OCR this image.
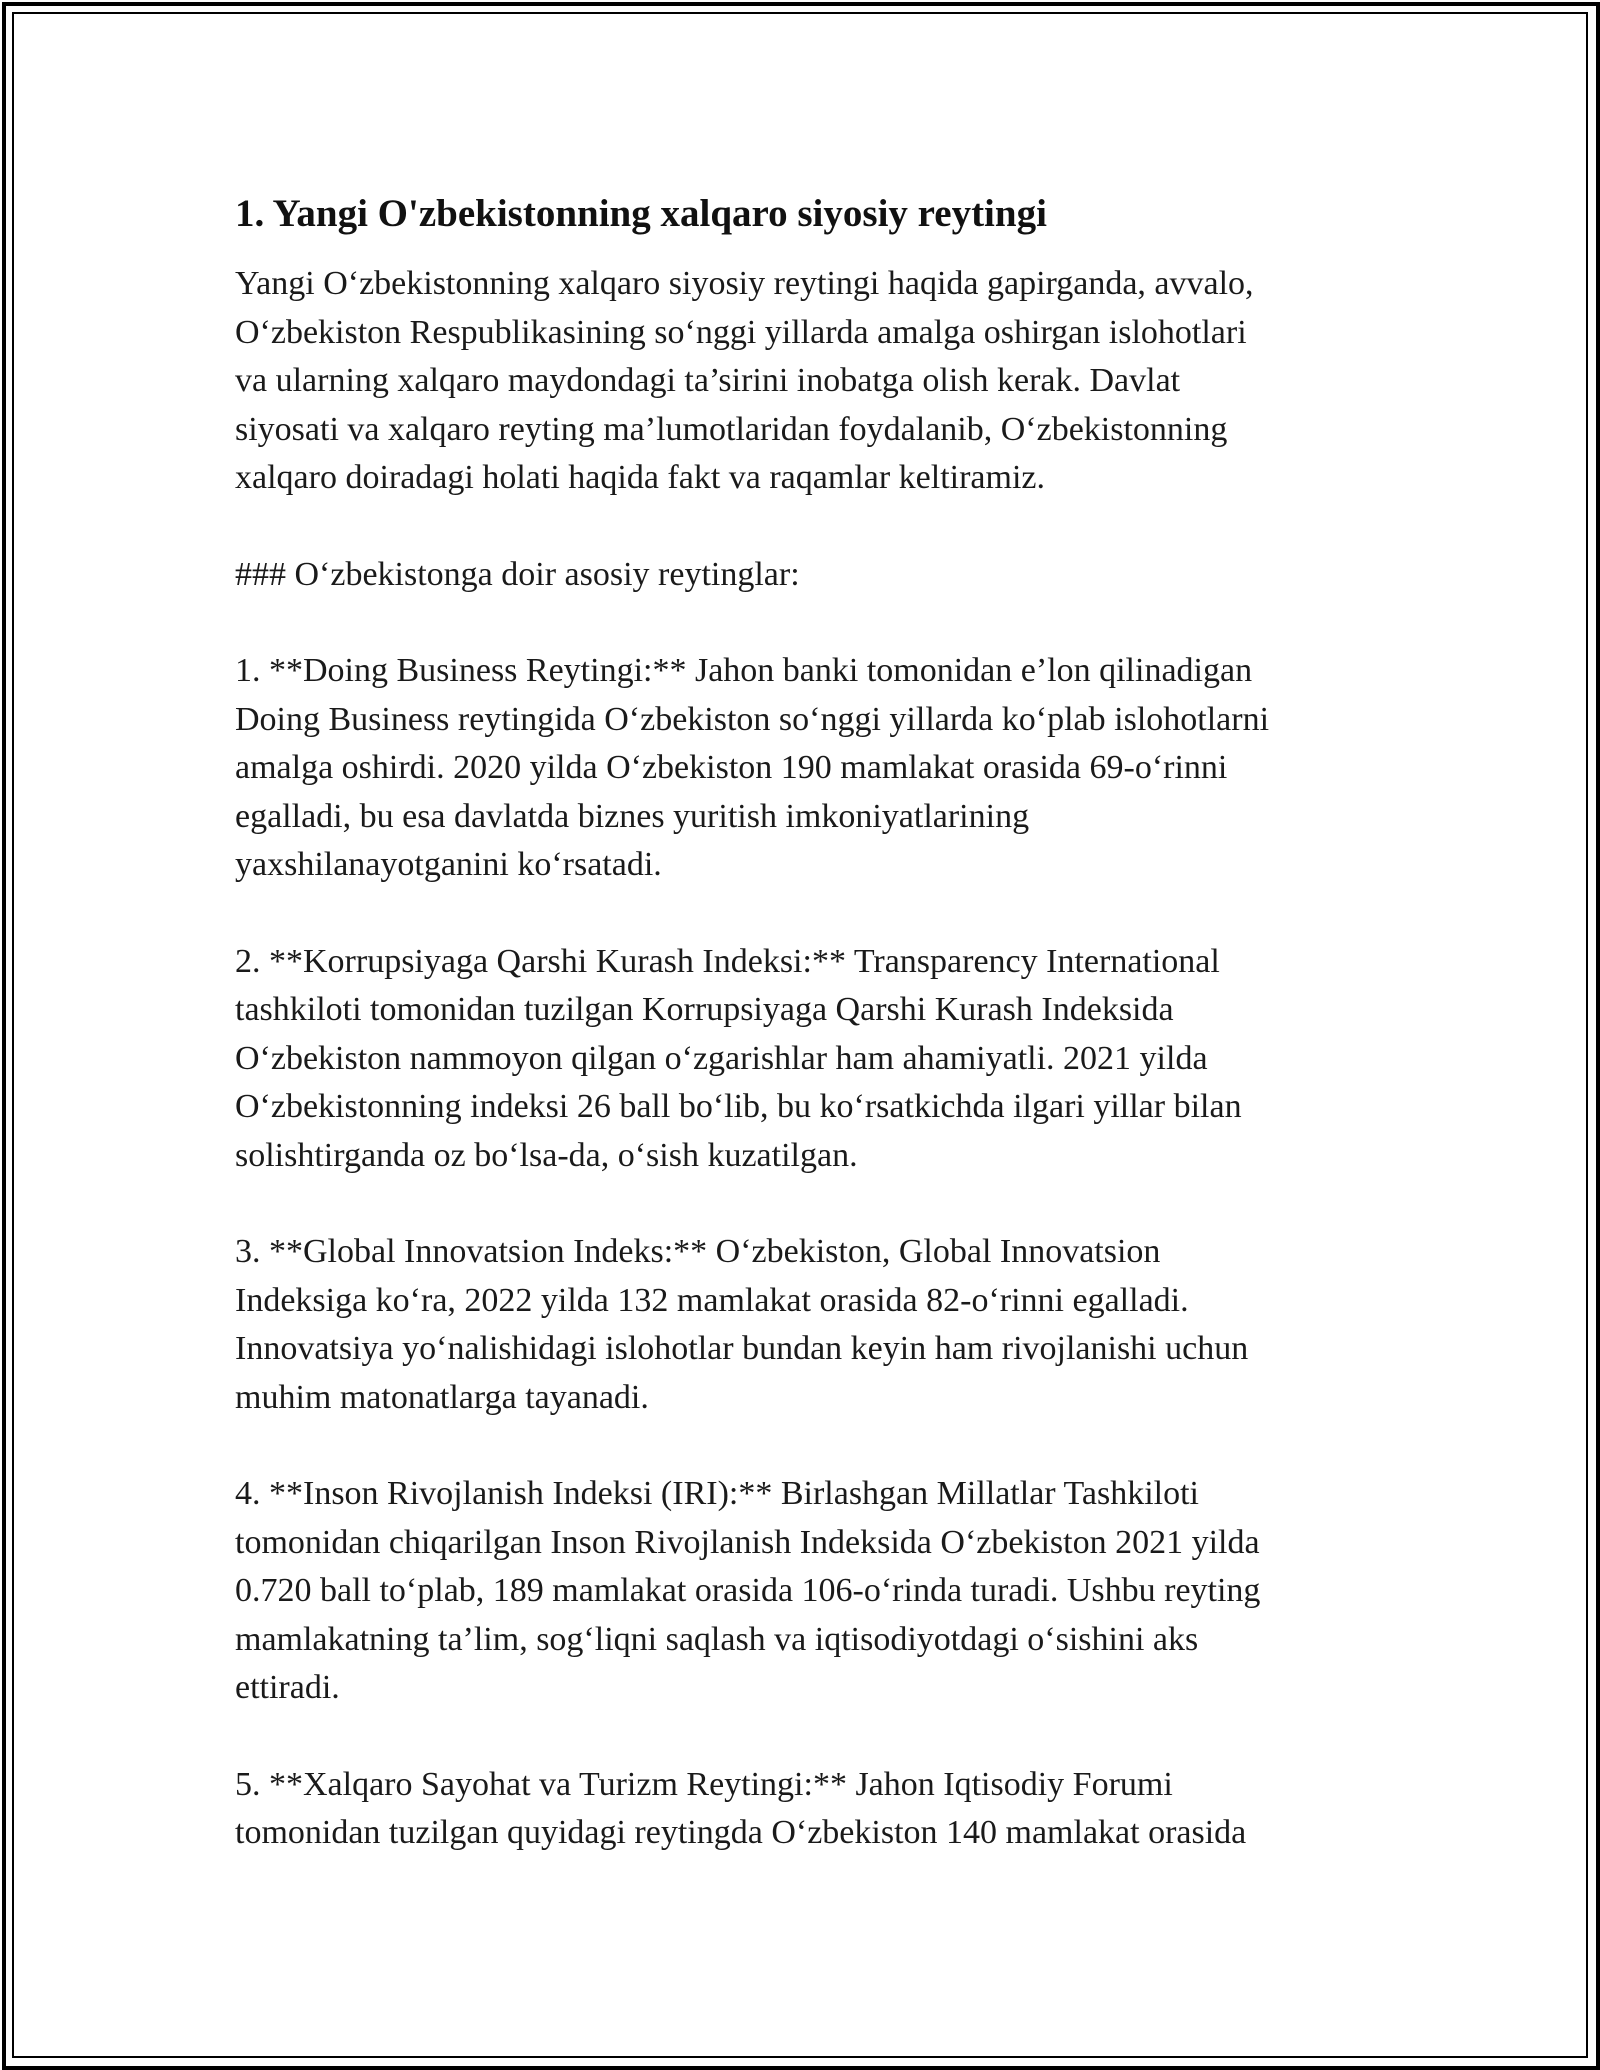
1. Yangi O'zbekistonning xalqaro siyosiy reytingi

Yangi O‘zbekistonning xalqaro siyosiy reytingi haqida gapirganda, avvalo,
O‘zbekiston Respublikasining so‘nggi yillarda amalga oshirgan islohotlari
va ularning xalqaro maydondagi ta’sirini inobatga olish kerak. Davlat
siyosati va xalqaro reyting ma’lumotlaridan foydalanib, O‘zbekistonning
xalqaro doiradagi holati haqida fakt va raqamlar keltiramiz.

### O‘zbekistonga doir asosiy reytinglar:

1. **Doing Business Reytingi:** Jahon banki tomonidan e’lon qilinadigan
Doing Business reytingida O‘zbekiston so‘nggi yillarda ko‘plab islohotlarni
amalga oshirdi. 2020 yilda O‘zbekiston 190 mamlakat orasida 69-o‘rinni
egalladi, bu esa davlatda biznes yuritish imkoniyatlarining
yaxshilanayotganini ko‘rsatadi.

2. **Korrupsiyaga Qarshi Kurash Indeksi:** Transparency International
tashkiloti tomonidan tuzilgan Korrupsiyaga Qarshi Kurash Indeksida
O‘zbekiston nammoyon qilgan o‘zgarishlar ham ahamiyatli. 2021 yilda
O‘zbekistonning indeksi 26 ball bo‘lib, bu ko‘rsatkichda ilgari yillar bilan
solishtirganda oz bo‘lsa-da, o‘sish kuzatilgan.

3. **Global Innovatsion Indeks:** O‘zbekiston, Global Innovatsion
Indeksiga ko‘ra, 2022 yilda 132 mamlakat orasida 82-o‘rinni egalladi.
Innovatsiya yo‘nalishidagi islohotlar bundan keyin ham rivojlanishi uchun
muhim matonatlarga tayanadi.

4. **Inson Rivojlanish Indeksi (IRI):** Birlashgan Millatlar Tashkiloti
tomonidan chiqarilgan Inson Rivojlanish Indeksida O‘zbekiston 2021 yilda
0.720 ball to‘plab, 189 mamlakat orasida 106-o‘rinda turadi. Ushbu reyting
mamlakatning ta’lim, sog‘liqni saqlash va iqtisodiyotdagi o‘sishini aks
ettiradi.

5. **Xalqaro Sayohat va Turizm Reytingi:** Jahon Iqtisodiy Forumi
tomonidan tuzilgan quyidagi reytingda O‘zbekiston 140 mamlakat orasida
